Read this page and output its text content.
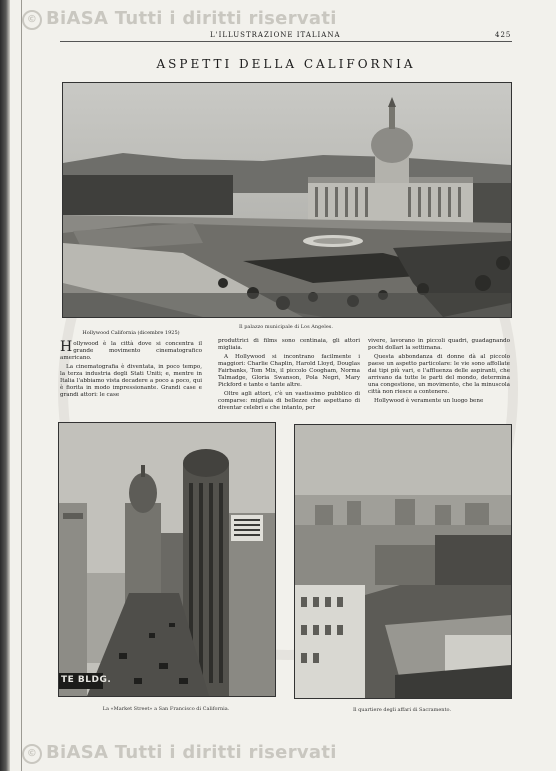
© BiASA Tutti i diritti riservati
L'ILLUSTRAZIONE ITALIANA	425
ASPETTI DELLA CALIFORNIA
Il palazzo municipale di Los Angeles.
Hollywood California (dicembre 1925)

Hollywood è la città dove si concentra il grande movimento cinematografico americano.

La cinematografia è diventata, in poco tempo, la terza industria degli Stati Uniti; e, mentre in Italia l'abbiamo vista decadere a poco a poco, qui è fiorita in modo impressionante. Grandi case e grandi attori: le case

produttrici di films sono centinaia, gli attori migliaia.

A Hollywood si incontrano facilmente i maggiori: Charlie Chaplin, Harold Lloyd, Douglas Fairbanks, Tom Mix, il piccolo Coogham, Norma Talmadge, Gloria Swanson, Pola Negri, Mary Pickford e tante e tante altre.

Oltre agli attori, c'è un vastissimo pubblico di comparse: migliaia di bellezze che aspettano di diventar celebri e che intanto, per

vivere, lavorano in piccoli quadri, guadagnando pochi dollari la settimana.

Questa abbondanza di donne dà al piccolo paese un aspetto particolare: le vie sono affollate dai tipi più vari, e l'affluenza delle aspiranti, che arrivano da tutte le parti del mondo, determina una congestione, un movimento, che la minuscola città non riesce a contenere.

Hollywood è veramente un luogo bene

TE BLDG.
La «Market Street» a San Francisco di California.	Il quartiere degli affari di Sacramento.
© BiASA Tutti i diritti riservati
